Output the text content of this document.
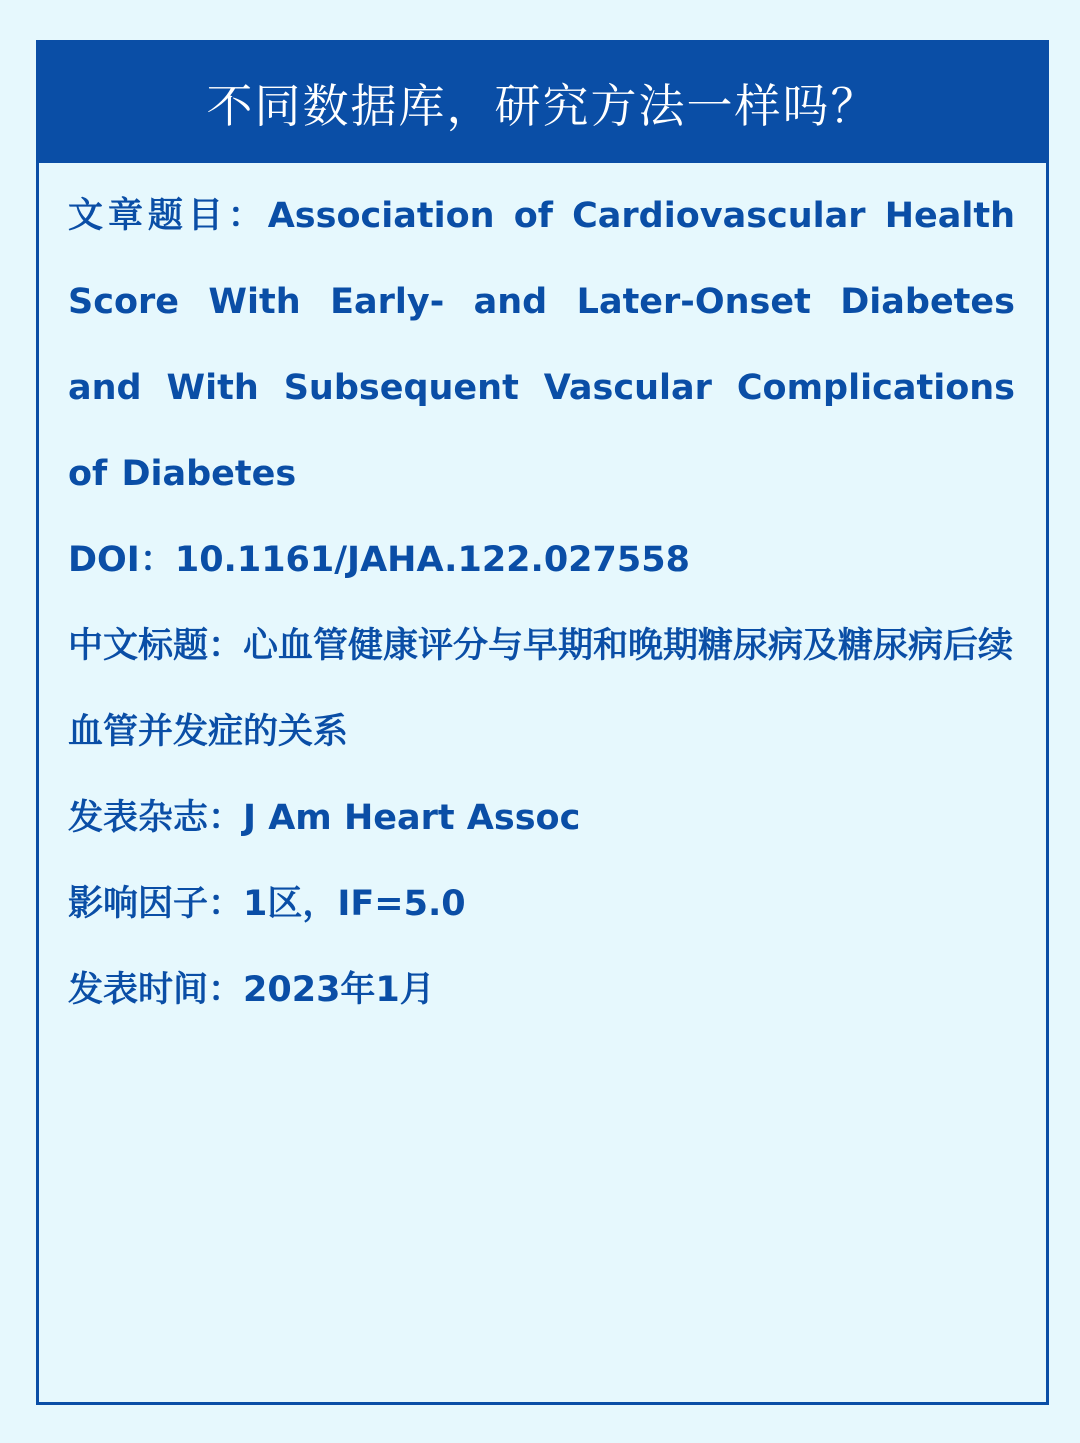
不同数据库，研究方法一样吗？

文章题目：Association of Cardiovascular Health Score With Early- and Later-Onset Diabetes and With Subsequent Vascular Complications of Diabetes

DOI：10.1161/JAHA.122.027558

中文标题：心血管健康评分与早期和晚期糖尿病及糖尿病后续血管并发症的关系

发表杂志：J Am Heart Assoc

影响因子：1区，IF=5.0

发表时间：2023年1月
